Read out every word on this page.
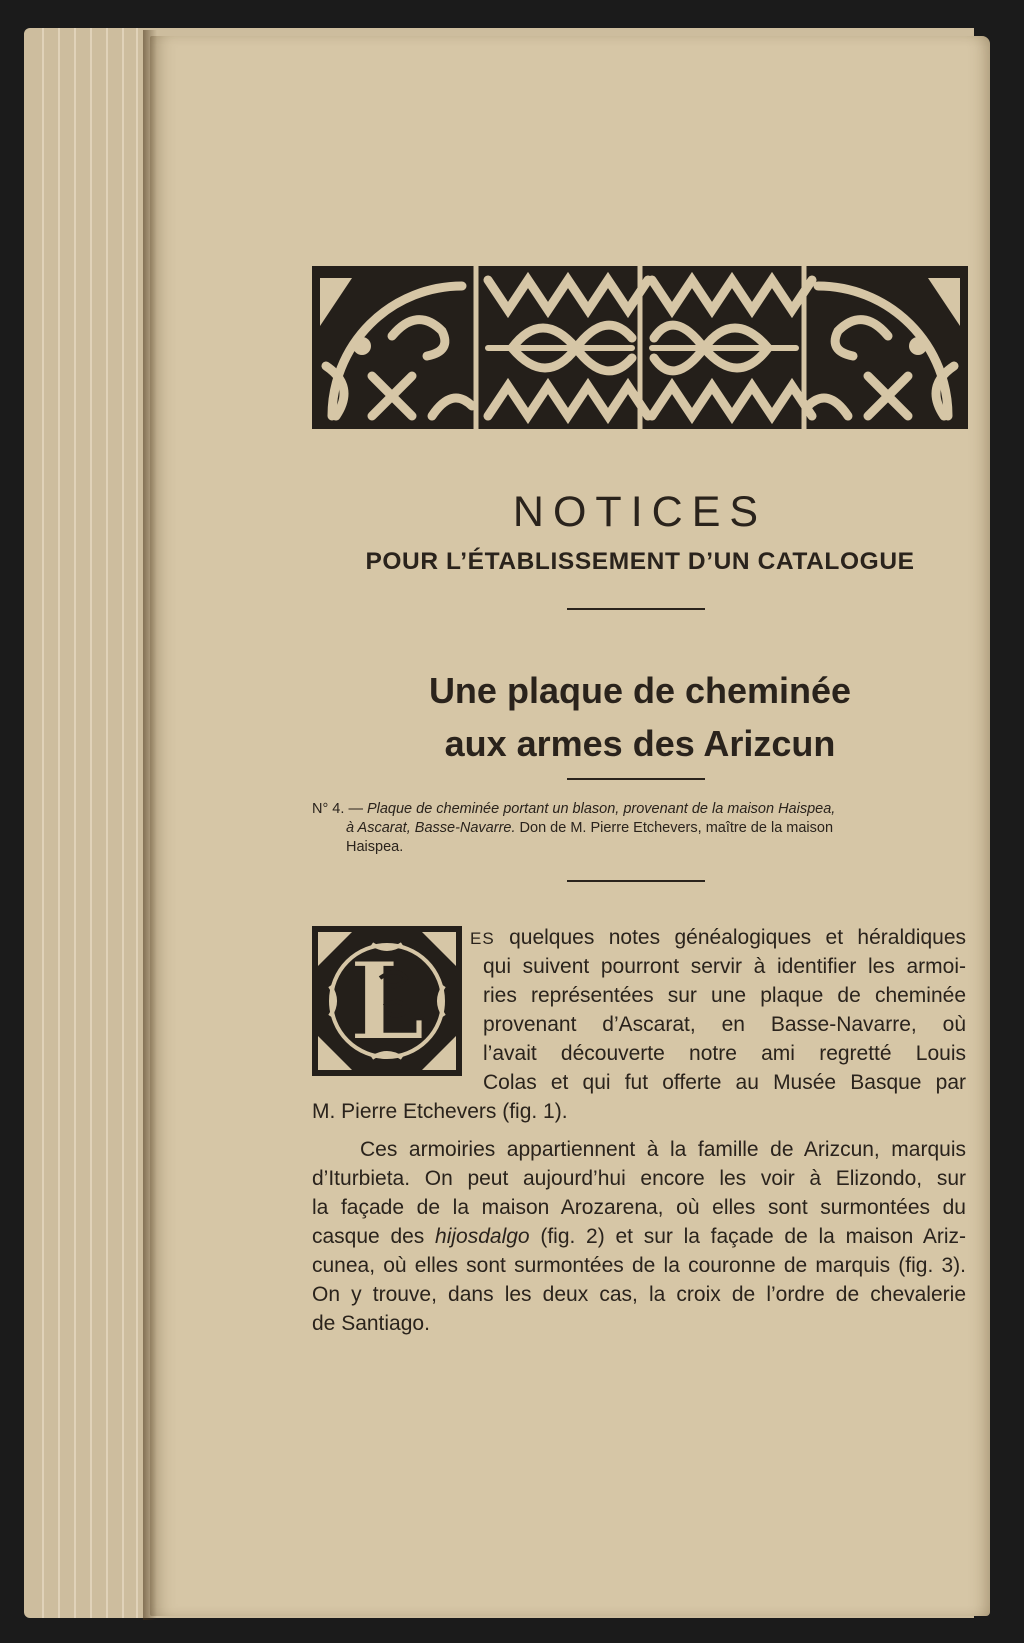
NOTICES
POUR L’ÉTABLISSEMENT D’UN CATALOGUE
Une plaque de cheminée
aux armes des Arizcun
N° 4. — Plaque de cheminée portant un blason, provenant de la maison Haispea,
à Ascarat, Basse-Navarre. Don de M. Pierre Etchevers, maître de la maison
Haispea.
L
ES quelques notes généalogiques et héraldiques
qui suivent pourront servir à identifier les armoi-
ries représentées sur une plaque de cheminée
provenant d’Ascarat, en Basse-Navarre, où
l’avait découverte notre ami regretté Louis
Colas et qui fut offerte au Musée Basque par
M. Pierre Etchevers (fig. 1).
Ces armoiries appartiennent à la famille de Arizcun, marquis
d’Iturbieta. On peut aujourd’hui encore les voir à Elizondo, sur
la façade de la maison Arozarena, où elles sont surmontées du
casque des hijosdalgo (fig. 2) et sur la façade de la maison Ariz-
cunea, où elles sont surmontées de la couronne de marquis (fig. 3).
On y trouve, dans les deux cas, la croix de l’ordre de chevalerie
de Santiago.
